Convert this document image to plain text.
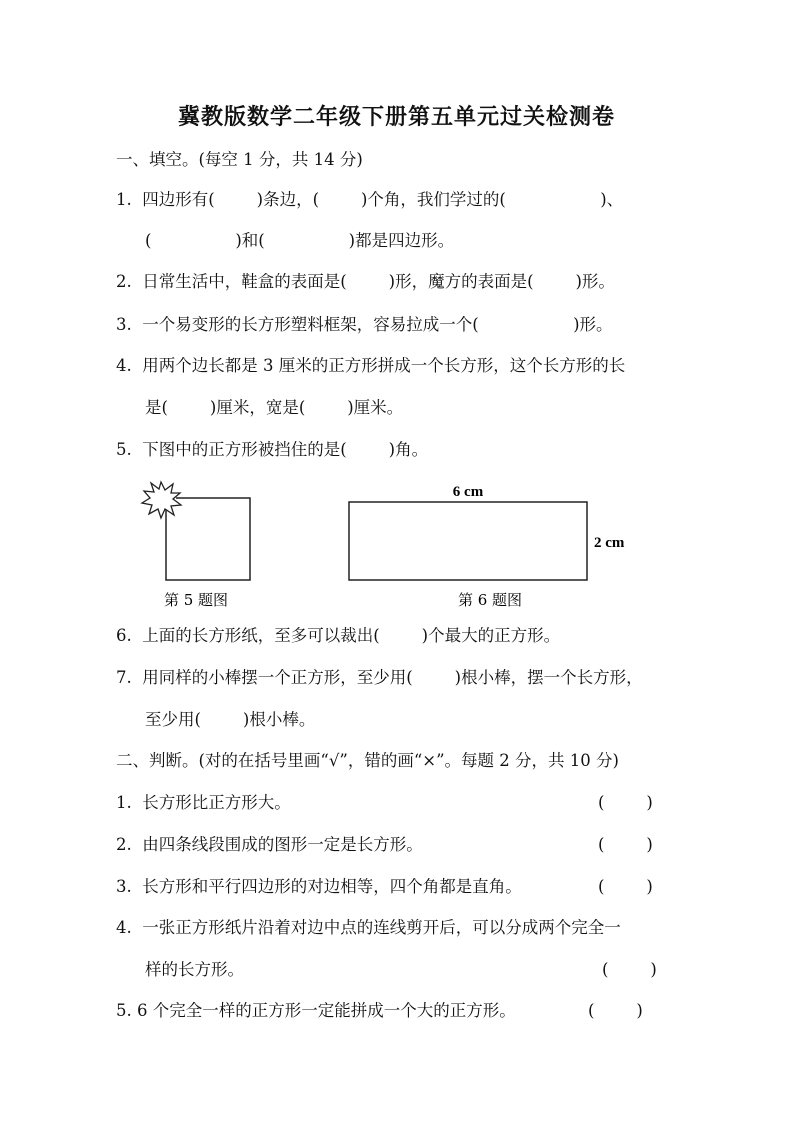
冀教版数学二年级下册第五单元过关检测卷
一、填空。(每空 1 分，共 14 分)
1.  四边形有(        )条边，(        )个角，我们学过的(                  )、
(                )和(                )都是四边形。
2.  日常生活中，鞋盒的表面是(        )形，魔方的表面是(        )形。
3.  一个易变形的长方形塑料框架，容易拉成一个(                  )形。
4.  用两个边长都是 3 厘米的正方形拼成一个长方形，这个长方形的长
是(        )厘米，宽是(        )厘米。
5.  下图中的正方形被挡住的是(        )角。
6 cm
2 cm
第 5 题图	第 6 题图
6.  上面的长方形纸，至多可以裁出(        )个最大的正方形。
7.  用同样的小棒摆一个正方形，至少用(        )根小棒，摆一个长方形，
至少用(        )根小棒。
二、判断。(对的在括号里画“√”，错的画“×”。每题 2 分，共 10 分)
1.  长方形比正方形大。	(        )
2.  由四条线段围成的图形一定是长方形。	(        )
3.  长方形和平行四边形的对边相等，四个角都是直角。	(        )
4.  一张正方形纸片沿着对边中点的连线剪开后，可以分成两个完全一
样的长方形。	(        )
5. 6 个完全一样的正方形一定能拼成一个大的正方形。	(        )
